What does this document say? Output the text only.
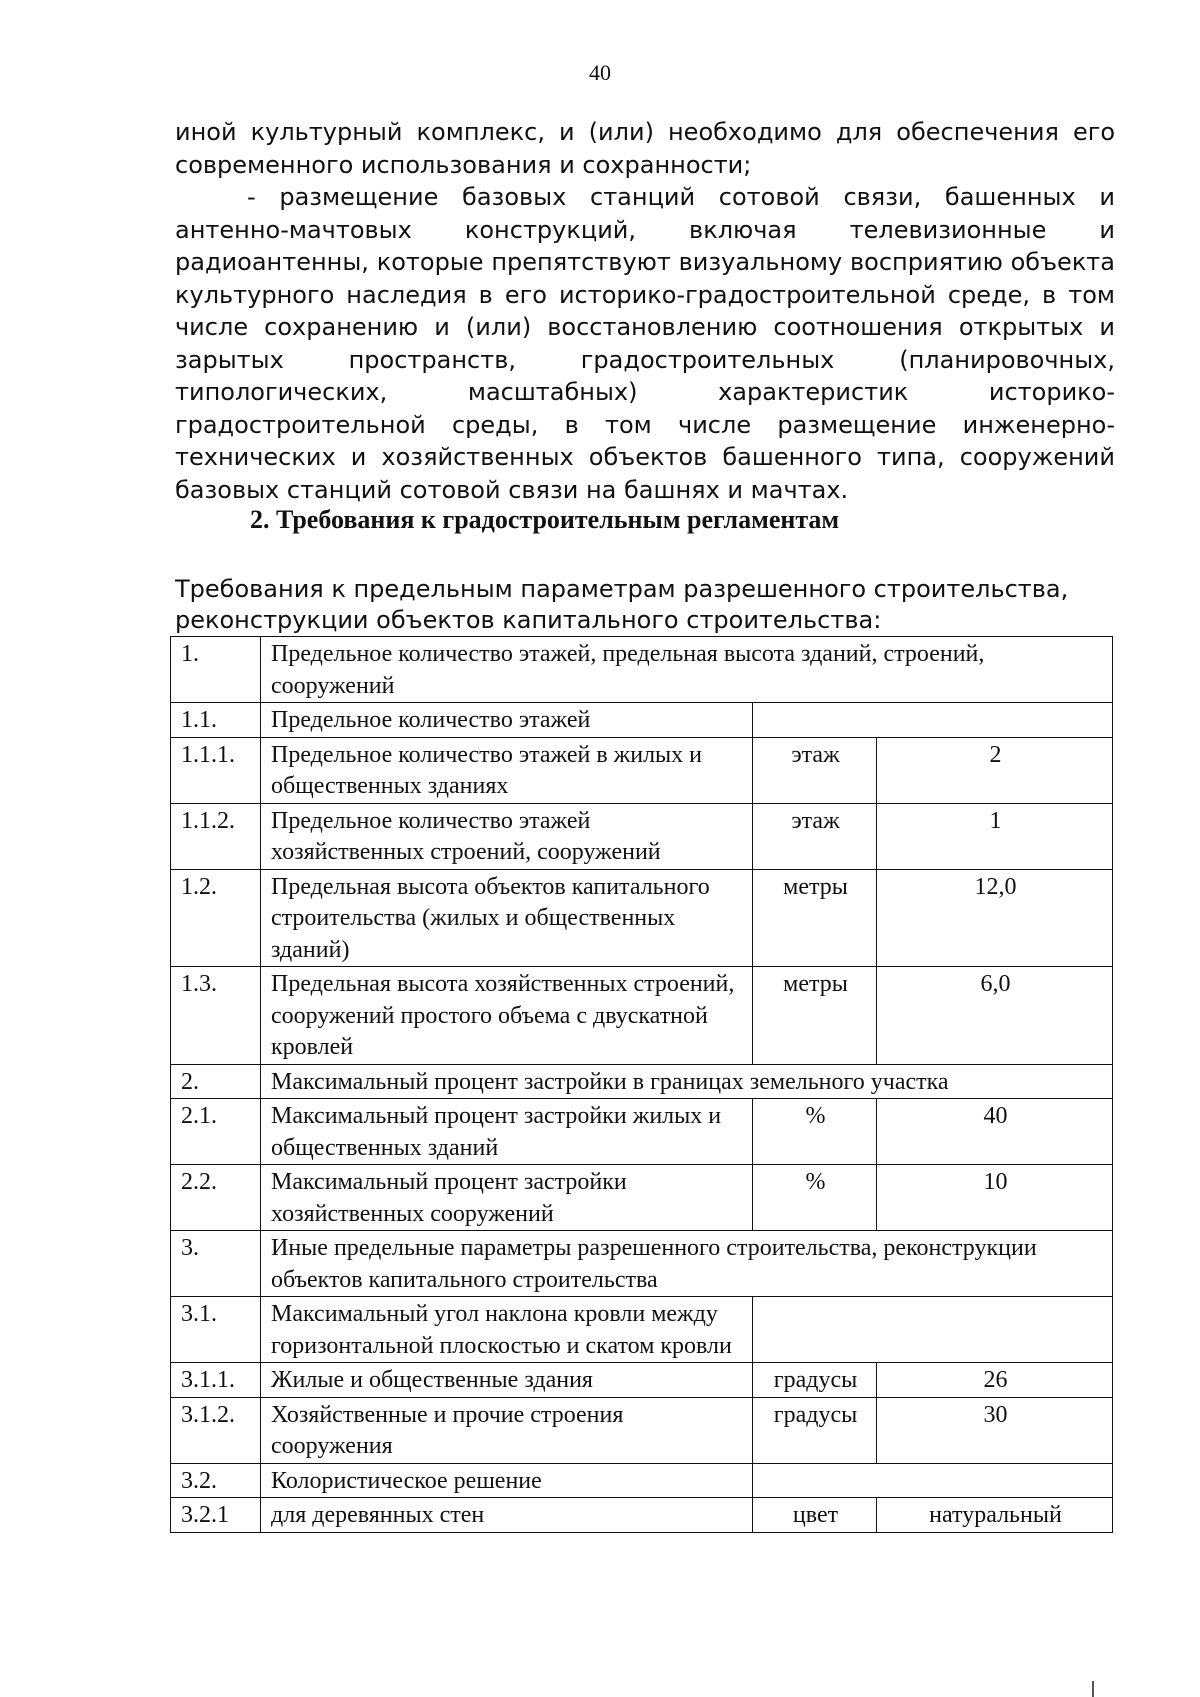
40

иной культурный комплекс, и (или) необходимо для обеспечения его современного использования и сохранности;

- размещение базовых станций сотовой связи, башенных и антенно-мачтовых конструкций, включая телевизионные и радиоантенны, которые препятствуют визуальному восприятию объекта культурного наследия в его историко-градостроительной среде, в том числе сохранению и (или) восстановлению соотношения открытых и зарытых пространств, градостроительных (планировочных, типологических, масштабных) характеристик историко-градостроительной среды, в том числе размещение инженерно-технических и хозяйственных объектов башенного типа, сооружений базовых станций сотовой связи на башнях и мачтах.

2. Требования к градостроительным регламентам
Требования к предельным параметрам разрешенного строительства, реконструкции объектов капитального строительства:
1.	Предельное количество этажей, предельная высота зданий, строений, сооружений		
1.1.	Предельное количество этажей		
1.1.1.	Предельное количество этажей в жилых и общественных зданиях	этаж	2
1.1.2.	Предельное количество этажей хозяйственных строений, сооружений	этаж	1
1.2.	Предельная высота объектов капитального строительства (жилых и общественных зданий)	метры	12,0
1.3.	Предельная высота хозяйственных строений, сооружений простого объема с двускатной кровлей	метры	6,0
2.	Максимальный процент застройки в границах земельного участка		
2.1.	Максимальный процент застройки жилых и общественных зданий	%	40
2.2.	Максимальный процент застройки хозяйственных сооружений	%	10
3.	Иные предельные параметры разрешенного строительства, реконструкции объектов капитального строительства		
3.1.	Максимальный угол наклона кровли между горизонтальной плоскостью и скатом кровли		
3.1.1.	Жилые и общественные здания	градусы	26
3.1.2.	Хозяйственные и прочие строения сооружения	градусы	30
3.2.	Колористическое решение		
3.2.1	для деревянных стен	цвет	натуральный
